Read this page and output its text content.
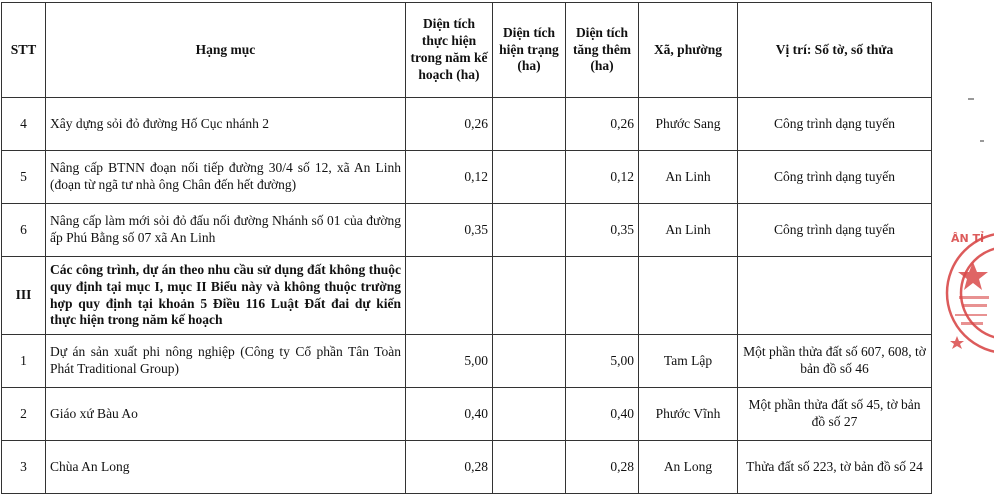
STT	Hạng mục	Diện tích thực hiện trong năm kế hoạch (ha)	Diện tích hiện trạng (ha)	Diện tích tăng thêm (ha)	Xã, phường	Vị trí: Số tờ, số thửa
4	Xây dựng sỏi đỏ đường Hố Cục nhánh 2	0,26		0,26	Phước Sang	Công trình dạng tuyến
5	Nâng cấp BTNN đoạn nối tiếp đường 30/4 số 12, xã An Linh (đoạn từ ngã tư nhà ông Chân đến hết đường)	0,12		0,12	An Linh	Công trình dạng tuyến
6	Nâng cấp làm mới sỏi đỏ đấu nối đường Nhánh số 01 của đường ấp Phú Bằng số 07 xã An Linh	0,35		0,35	An Linh	Công trình dạng tuyến
III	Các công trình, dự án theo nhu cầu sử dụng đất không thuộc quy định tại mục I, mục II Biểu này và không thuộc trường hợp quy định tại khoản 5 Điều 116 Luật Đất đai dự kiến thực hiện trong năm kế hoạch					
1	Dự án sản xuất phi nông nghiệp (Công ty Cổ phần Tân Toàn Phát Traditional Group)	5,00		5,00	Tam Lập	Một phần thửa đất số 607, 608, tờ bản đồ số 46
2	Giáo xứ Bàu Ao	0,40		0,40	Phước Vĩnh	Một phần thửa đất số 45, tờ bản đồ số 27
3	Chùa An Long	0,28		0,28	An Long	Thửa đất số 223, tờ bản đồ số 24
ÂN TỈ
